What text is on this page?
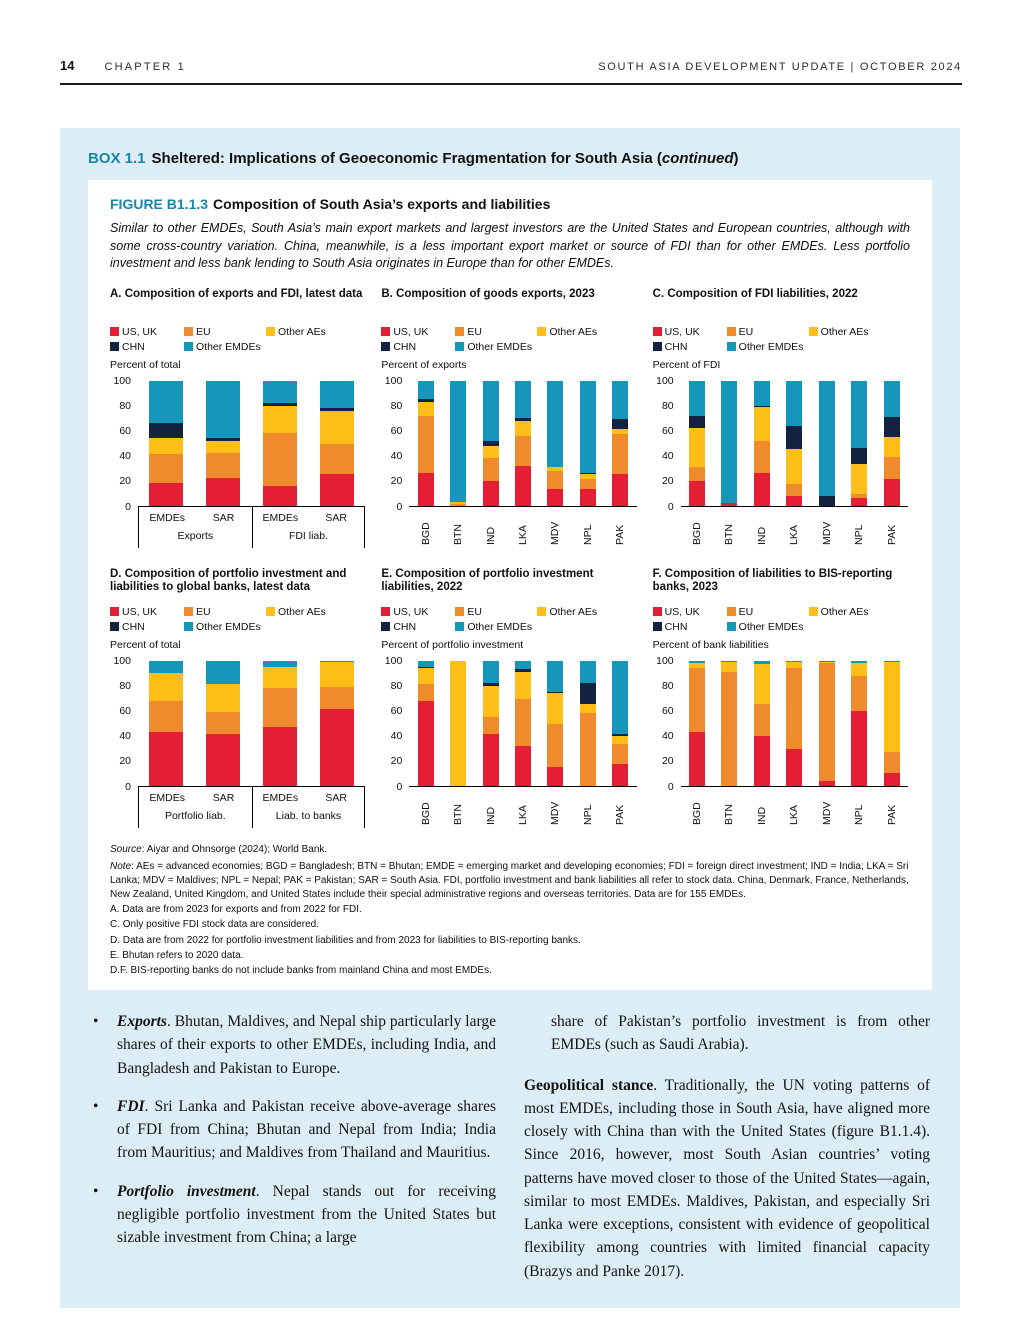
14	CHAPTER 1	SOUTH ASIA DEVELOPMENT UPDATE | OCTOBER 2024
BOX 1.1 Sheltered: Implications of Geoeconomic Fragmentation for South Asia (continued)
FIGURE B1.1.3 Composition of South Asia’s exports and liabilities
Similar to other EMDEs, South Asia’s main export markets and largest investors are the United States and European countries, although with some cross-country variation. China, meanwhile, is a less important export market or source of FDI than for other EMDEs. Less portfolio investment and less bank lending to South Asia originates in Europe than for other EMDEs.
A. Composition of exports and FDI, latest data
US, UK	EU	Other AEs
CHN	Other EMDEs
Percent of total
0
20
40
60
80
100
EMDEs	SAR	EMDEs	SAR
Exports	FDI liab.
B. Composition of goods exports, 2023
US, UK	EU	Other AEs
CHN	Other EMDEs
Percent of exports
0
20
40
60
80
100
BGD BTN IND LKA MDV NPL PAK
C. Composition of FDI liabilities, 2022
US, UK	EU	Other AEs
CHN	Other EMDEs
Percent of FDI
0
20
40
60
80
100
BGD BTN IND LKA MDV NPL PAK
D. Composition of portfolio investment and liabilities to global banks, latest data
US, UK	EU	Other AEs
CHN	Other EMDEs
Percent of total
0
20
40
60
80
100
EMDEs	SAR	EMDEs	SAR
Portfolio liab.	Liab. to banks
E. Composition of portfolio investment liabilities, 2022
US, UK	EU	Other AEs
CHN	Other EMDEs
Percent of portfolio investment
0
20
40
60
80
100
BGD BTN IND LKA MDV NPL PAK
F. Composition of liabilities to BIS-reporting banks, 2023
US, UK	EU	Other AEs
CHN	Other EMDEs
Percent of bank liabilities
0
20
40
60
80
100
BGD BTN IND LKA MDV NPL PAK
Source: Aiyar and Ohnsorge (2024); World Bank.
Note: AEs = advanced economies; BGD = Bangladesh; BTN = Bhutan; EMDE = emerging market and developing economies; FDI = foreign direct investment; IND = India; LKA = Sri Lanka; MDV = Maldives; NPL = Nepal; PAK = Pakistan; SAR = South Asia. FDI, portfolio investment and bank liabilities all refer to stock data. China, Denmark, France, Netherlands, New Zealand, United Kingdom, and United States include their special administrative regions and overseas territories. Data are for 155 EMDEs.
A. Data are from 2023 for exports and from 2022 for FDI.
C. Only positive FDI stock data are considered.
D. Data are from 2022 for portfolio investment liabilities and from 2023 for liabilities to BIS-reporting banks.
E. Bhutan refers to 2020 data.
D.F. BIS-reporting banks do not include banks from mainland China and most EMDEs.
•	Exports. Bhutan, Maldives, and Nepal ship particularly large shares of their exports to other EMDEs, including India, and Bangladesh and Pakistan to Europe.
•	FDI. Sri Lanka and Pakistan receive above-average shares of FDI from China; Bhutan and Nepal from India; India from Mauritius; and Maldives from Thailand and Mauritius.
•	Portfolio investment. Nepal stands out for receiving negligible portfolio investment from the United States but sizable investment from China; a large
share of Pakistan’s portfolio investment is from other EMDEs (such as Saudi Arabia).
Geopolitical stance. Traditionally, the UN voting patterns of most EMDEs, including those in South Asia, have aligned more closely with China than with the United States (figure B1.1.4). Since 2016, however, most South Asian countries’ voting patterns have moved closer to those of the United States—again, similar to most EMDEs. Maldives, Pakistan, and especially Sri Lanka were exceptions, consistent with evidence of geopolitical flexibility among countries with limited financial capacity (Brazys and Panke 2017).
